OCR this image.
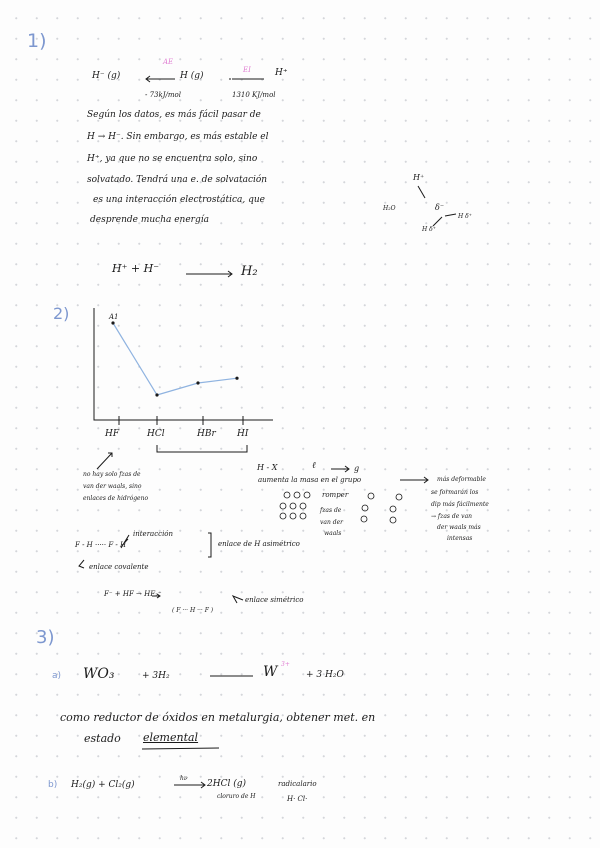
1)
H⁻ (g)	H (g)	H⁺
AE
EI
- 73kJ/mol	1310 KJ/mol
Según los datos, es más fácil pasar de
H → H⁻. Sin embargo, es más estable el
H⁺, ya que no se encuentra solo, sino
solvatado. Tendrá una e. de solvatación
es una interacción electrostática, que
desprende mucha energía
H⁺
H₂O	δ⁻
H δ⁺
H δ⁺
H⁺ + H⁻	H₂
2)	A1
HF	HCl	HBr HI
no hay solo fzas de
van der waals, sino
enlaces de hidrógeno
H - X	ℓ	g
aumenta la masa en el grupo	más deformable
se formarán los
dip más fácilmente
→ fzas de van
der waals más
intensas
romper
fzas de
van der
waals
interacción
F - H ····· F - H
enlace covalente
enlace de H asimétrico
F⁻ + HF → HF₂⁻
( F ··· H ··· F )
enlace simétrico
3)
a) WO₃	+ 3H₂	W 3+
+ 3 H₂O
como reductor de óxidos en metalurgia, obtener met. en
estado elemental
b) H₂(g) + Cl₂(g)
hν
2HCl (g)
cloruro de H
radicalario
H· Cl·
